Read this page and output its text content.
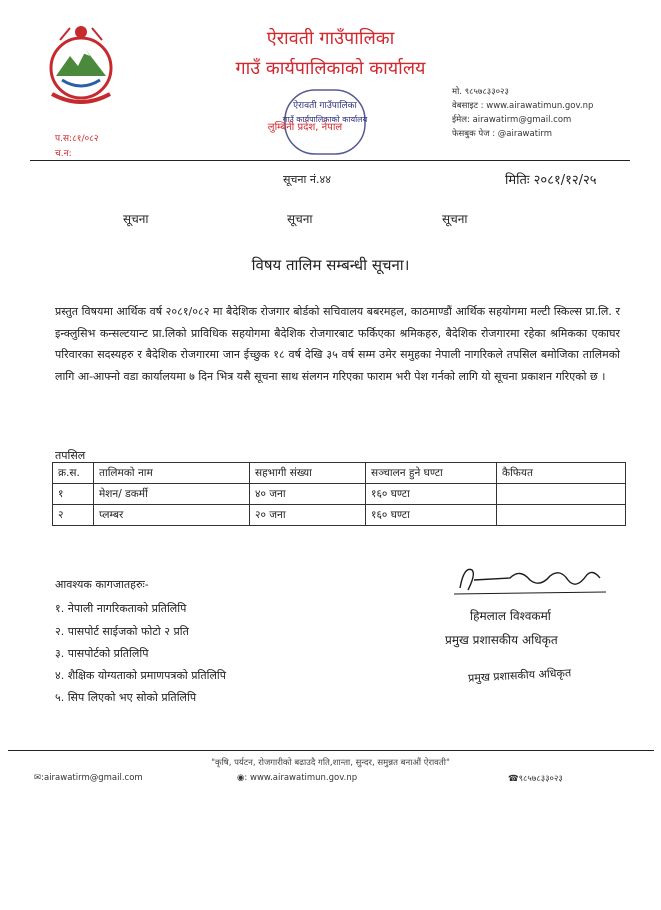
ऐरावती गाउँपालिका
गाउँ कार्यपालिकाको कार्यालय
मो. ९८५७८३३०२३
वेबसाइट : www.airawatimun.gov.np
ईमेल: airawatirm@gmail.com
फेसबुक पेज : @airawatirm
प.स:८१/०८२
च.न:
ऐरावती गाउँपालिका
गाउँ कार्यपालिकाको कार्यालय
लुम्बिनी प्रदेश, नेपाल
सूचना नं.४४	मितिः २०८१/१२/२५
सूचना	सूचना	सूचना
विषय तालिम सम्बन्धी सूचना।
प्रस्तुत विषयमा आर्थिक वर्ष २०८१/०८२ मा बैदेशिक रोजगार बोर्डको सचिवालय बबरमहल, काठमाण्डौं आर्थिक सहयोगमा मल्टी स्किल्स प्रा.लि. र इन्क्लुसिभ कन्सल्टयान्ट प्रा.लिको प्राविधिक सहयोगमा बैदेशिक रोजगारबाट फर्किएका श्रमिकहरु, बैदेशिक रोजगारमा रहेका श्रमिकका एकाघर परिवारका सदस्यहरु र बैदेशिक रोजगारमा जान ईच्छुक १८ वर्ष देखि ३५ वर्ष सम्म उमेर समुहका नेपाली नागरिकले तपसिल बमोजिका तालिमको लागि आ-आफ्नो वडा कार्यालयमा ७ दिन भित्र यसै सूचना साथ संलगन गरिएका फाराम भरी पेश गर्नको लागि यो सूचना प्रकाशन गरिएको छ ।
तपसिल
क्र.स.	तालिमको नाम	सहभागी संख्या	सञ्चालन हुने घण्टा	कैफियत
१	मेशन/ डकर्मी	४० जना	१६० घण्टा	
२	प्लम्बर	२० जना	१६० घण्टा	
आवश्यक कागजातहरुः-
१. नेपाली नागरिकताको प्रतिलिपि
२. पासपोर्ट साईजको फोटो २ प्रति
३. पासपोर्टको प्रतिलिपि
४. शैक्षिक योग्यताको प्रमाणपत्रको प्रतिलिपि
५. सिप लिएको भए सोको प्रतिलिपि
हिमलाल विश्वकर्मा
प्रमुख प्रशासकीय अधिकृत
प्रमुख प्रशासकीय अधिकृत
"कृषि, पर्यटन, रोजगारीको बढाउदै गति,शान्ता, सुन्दर, समुन्नत बनाऔं ऐरावती"
✉:airawatirm@gmail.com	◉: www.airawatimun.gov.np	☎९८५७८३३०२३
